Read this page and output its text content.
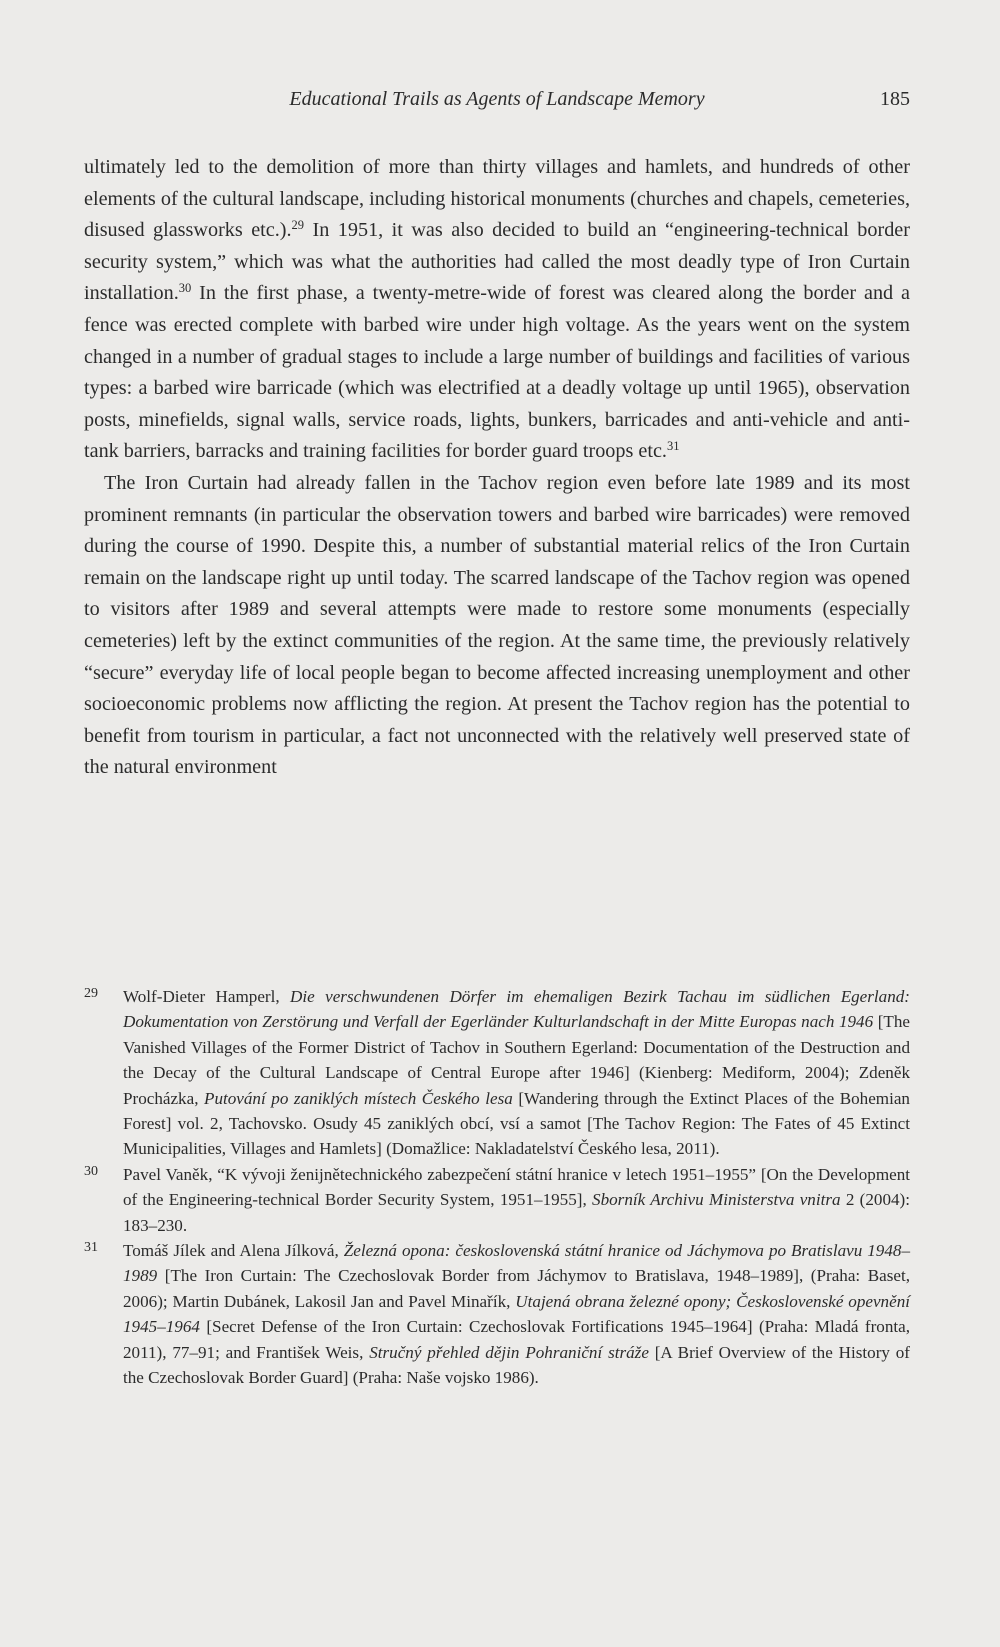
Educational Trails as Agents of Landscape Memory	185

ultimately led to the demolition of more than thirty villages and hamlets, and hundreds of other elements of the cultural landscape, including historical monuments (churches and chapels, cemeteries, disused glassworks etc.).$^{29}$ In 1951, it was also decided to build an “engineering-technical border security system,” which was what the authorities had called the most deadly type of Iron Curtain installation.$^{30}$ In the first phase, a twenty-metre-wide of forest was cleared along the border and a fence was erected complete with barbed wire under high voltage. As the years went on the system changed in a number of gradual stages to include a large number of buildings and facilities of various types: a barbed wire barricade (which was electrified at a deadly voltage up until 1965), observation posts, minefields, signal walls, service roads, lights, bunkers, barricades and anti-vehicle and anti-tank barriers, barracks and training facilities for border guard troops etc.$^{31}$

The Iron Curtain had already fallen in the Tachov region even before late 1989 and its most prominent remnants (in particular the observation towers and barbed wire barricades) were removed during the course of 1990. Despite this, a number of substantial material relics of the Iron Curtain remain on the landscape right up until today. The scarred landscape of the Tachov region was opened to visitors after 1989 and several attempts were made to restore some monuments (especially cemeteries) left by the extinct communities of the region. At the same time, the previously relatively “secure” everyday life of local people began to become affected increasing unemployment and other socioeconomic problems now afflicting the region. At present the Tachov region has the potential to benefit from tourism in particular, a fact not unconnected with the relatively well preserved state of the natural environment

29 Wolf-Dieter Hamperl, Die verschwundenen Dörfer im ehemaligen Bezirk Tachau im südlichen Egerland: Dokumentation von Zerstörung und Verfall der Egerländer Kulturlandschaft in der Mitte Europas nach 1946 [The Vanished Villages of the Former District of Tachov in Southern Egerland: Documentation of the Destruction and the Decay of the Cultural Landscape of Central Europe after 1946] (Kienberg: Mediform, 2004); Zdeněk Procházka, Putování po zaniklých místech Českého lesa [Wandering through the Extinct Places of the Bohemian Forest] vol. 2, Tachovsko. Osudy 45 zaniklých obcí, vsí a samot [The Tachov Region: The Fates of 45 Extinct Municipalities, Villages and Hamlets] (Domažlice: Nakladatelství Českého lesa, 2011).

30 Pavel Vaněk, “K vývoji ženijnětechnického zabezpečení státní hranice v letech 1951–1955” [On the Development of the Engineering-technical Border Security System, 1951–1955], Sborník Archivu Ministerstva vnitra 2 (2004): 183–230.

31 Tomáš Jílek and Alena Jílková, Železná opona: československá státní hranice od Jáchymova po Bratislavu 1948–1989 [The Iron Curtain: The Czechoslovak Border from Jáchymov to Bratislava, 1948–1989], (Praha: Baset, 2006); Martin Dubánek, Lakosil Jan and Pavel Minařík, Utajená obrana železné opony; Československé opevnění 1945–1964 [Secret Defense of the Iron Curtain: Czechoslovak Fortifications 1945–1964] (Praha: Mladá fronta, 2011), 77–91; and František Weis, Stručný přehled dějin Pohraniční stráže [A Brief Overview of the History of the Czechoslovak Border Guard] (Praha: Naše vojsko 1986).
